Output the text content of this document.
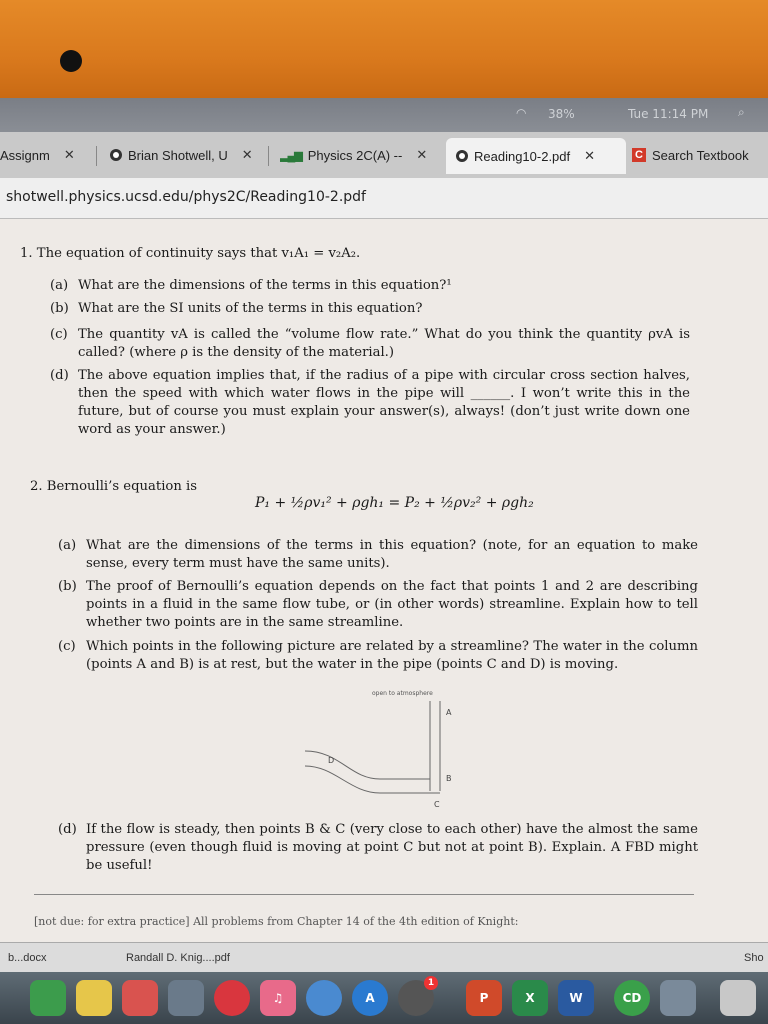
◠ 38%	Tue 11:14 PM ⌕
Assignm ✕	Brian Shotwell, U ✕ ▂▄▆ Physics 2C(A) -- ✕	Reading10-2.pdf ✕	C Search Textbook
shotwell.physics.ucsd.edu/phys2C/Reading10-2.pdf
1. The equation of continuity says that v₁A₁ = v₂A₂.
(a) What are the dimensions of the terms in this equation?¹
(b) What are the SI units of the terms in this equation?
(c) The quantity vA is called the “volume flow rate.” What do you think the quantity ρvA is called? (where ρ is the density of the material.)
(d) The above equation implies that, if the radius of a pipe with circular cross section halves, then the speed with which water flows in the pipe will ______. I won’t write this in the future, but of course you must explain your answer(s), always! (don’t just write down one word as your answer.)
2. Bernoulli’s equation is
P₁ + ½ρv₁² + ρgh₁ = P₂ + ½ρv₂² + ρgh₂
(a) What are the dimensions of the terms in this equation? (note, for an equation to make sense, every term must have the same units).
(b) The proof of Bernoulli’s equation depends on the fact that points 1 and 2 are describing points in a fluid in the same flow tube, or (in other words) streamline. Explain how to tell whether two points are in the same streamline.
(c) Which points in the following picture are related by a streamline? The water in the column (points A and B) is at rest, but the water in the pipe (points C and D) is moving.
open to atmosphere
A
B
D
C
(d) If the flow is steady, then points B & C (very close to each other) have the almost the same pressure (even though fluid is moving at point C but not at point B). Explain. A FBD might be useful!
[not due: for extra practice] All problems from Chapter 14 of the 4th edition of Knight:
b...docx	Randall D. Knig....pdf	Sho
♫	A
1
P	X	W	CD
